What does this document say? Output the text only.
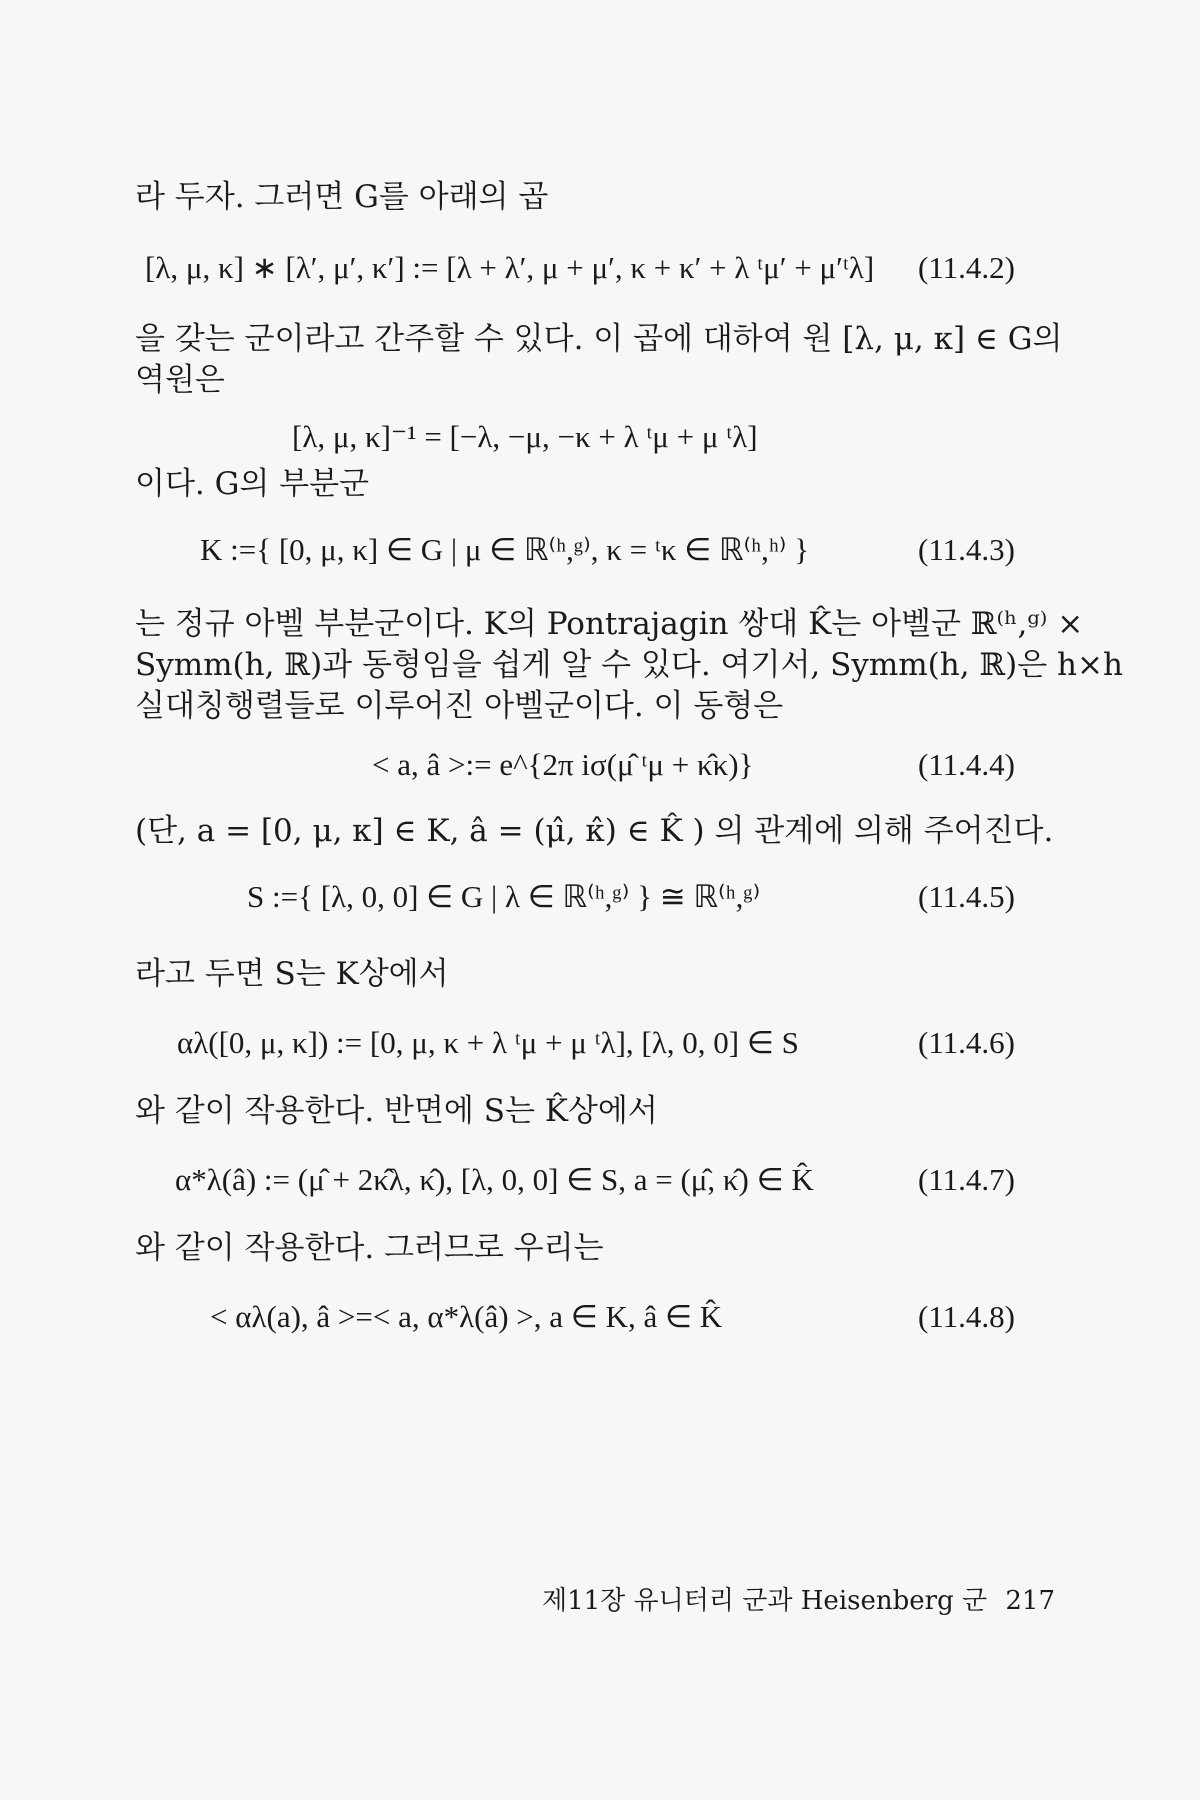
라 두자. 그러면 G를 아래의 곱
[λ, μ, κ] ∗ [λ′, μ′, κ′] := [λ + λ′, μ + μ′, κ + κ′ + λ ᵗμ′ + μ′ᵗλ] (11.4.2)
을 갖는 군이라고 간주할 수 있다. 이 곱에 대하여 원 [λ, μ, κ] ∈ G의
역원은
[λ, μ, κ]⁻¹ = [−λ, −μ, −κ + λ ᵗμ + μ ᵗλ]
이다. G의 부분군
K :={ [0, μ, κ] ∈ G | μ ∈ ℝ⁽ʰ,ᵍ⁾, κ = ᵗκ ∈ ℝ⁽ʰ,ʰ⁾ }	(11.4.3)
는 정규 아벨 부분군이다. K의 Pontrajagin 쌍대 K̂는 아벨군 ℝ⁽ʰ,ᵍ⁾ ×
Symm(h, ℝ)과 동형임을 쉽게 알 수 있다. 여기서, Symm(h, ℝ)은 h×h
실대칭행렬들로 이루어진 아벨군이다. 이 동형은
< a, â >:= e^{2π iσ(μ̂ ᵗμ + κ̂κ)}	(11.4.4)
(단, a = [0, μ, κ] ∈ K, â = (μ̂, κ̂) ∈ K̂ ) 의 관계에 의해 주어진다.
S :={ [λ, 0, 0] ∈ G | λ ∈ ℝ⁽ʰ,ᵍ⁾ } ≅ ℝ⁽ʰ,ᵍ⁾	(11.4.5)
라고 두면 S는 K상에서
αλ([0, μ, κ]) := [0, μ, κ + λ ᵗμ + μ ᵗλ], [λ, 0, 0] ∈ S	(11.4.6)
와 같이 작용한다. 반면에 S는 K̂상에서
α*λ(â) := (μ̂ + 2κ̂λ, κ̂), [λ, 0, 0] ∈ S, a = (μ̂, κ̂) ∈ K̂	(11.4.7)
와 같이 작용한다. 그러므로 우리는
< αλ(a), â >=< a, α*λ(â) >, a ∈ K, â ∈ K̂	(11.4.8)
제11장 유니터리 군과 Heisenberg 군 217
